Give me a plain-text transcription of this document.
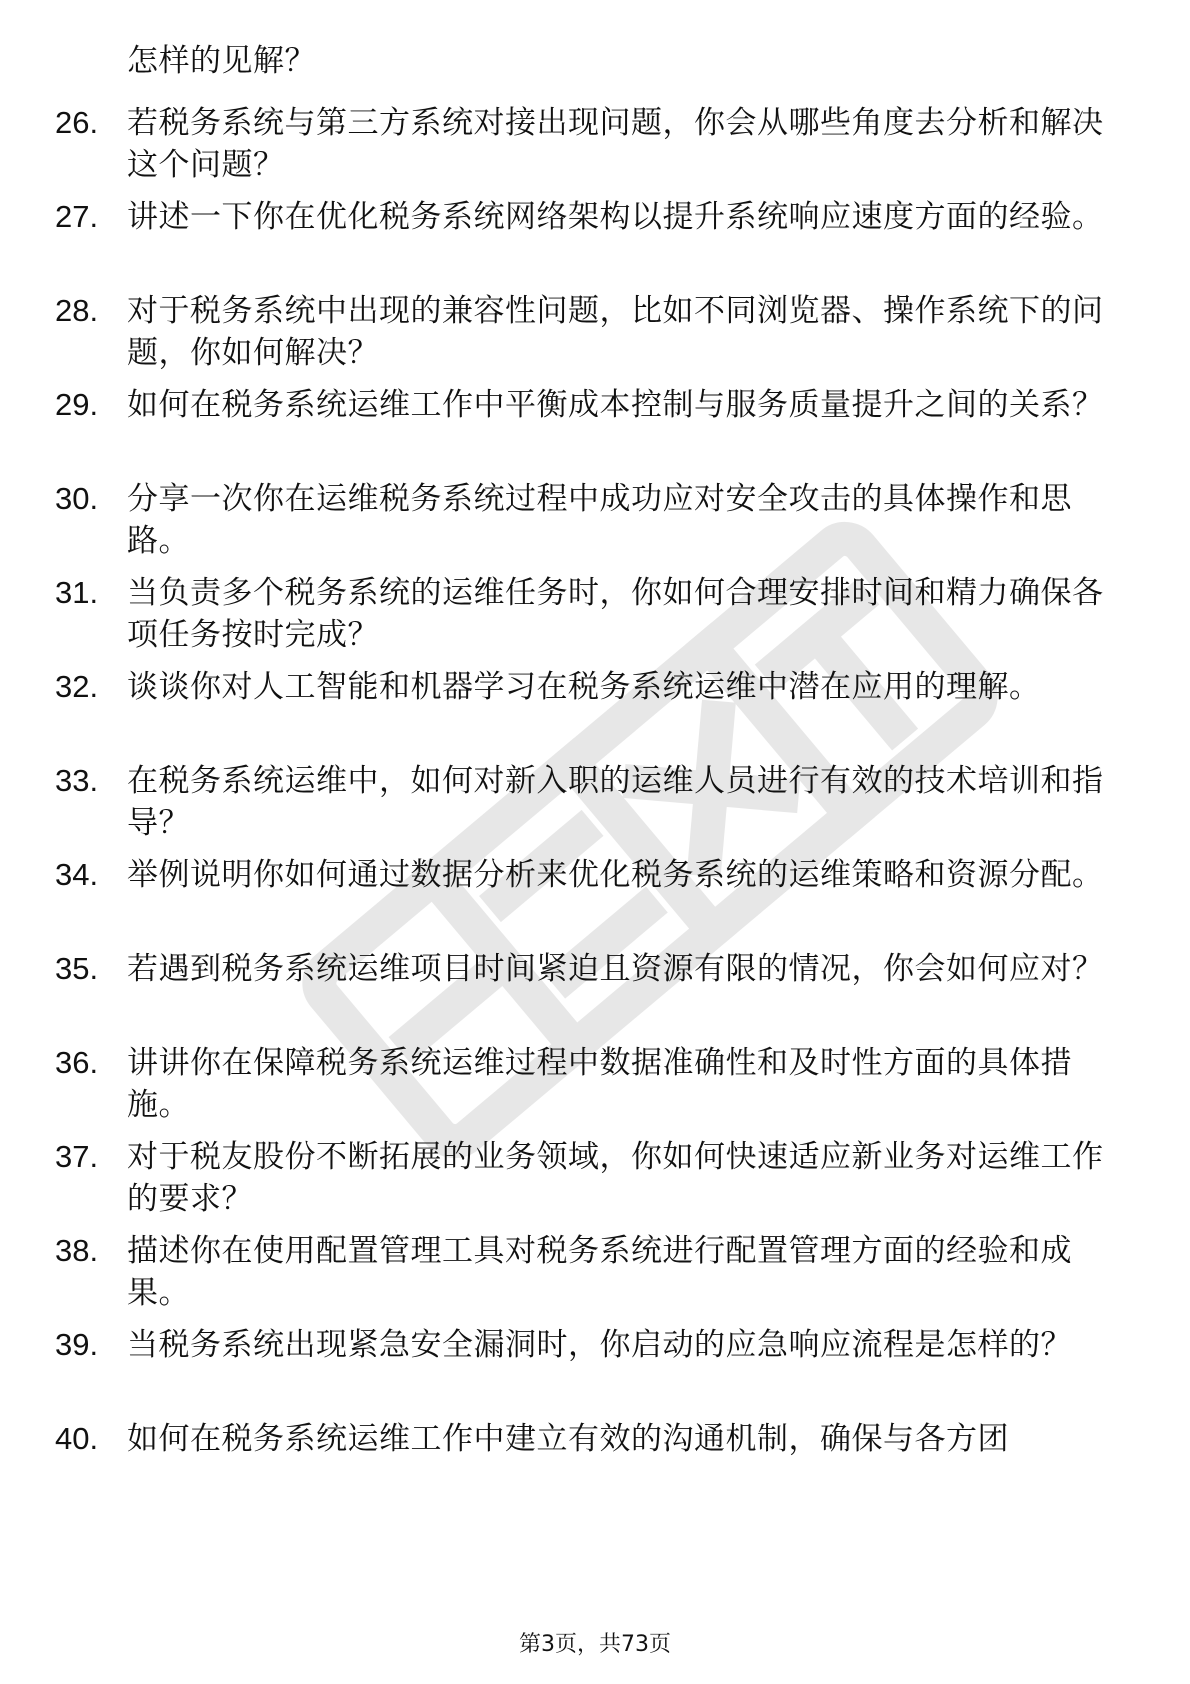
怎样的见解？
26. 若税务系统与第三方系统对接出现问题，你会从哪些角度去分析和解决这个问题？
27. 讲述一下你在优化税务系统网络架构以提升系统响应速度方面的经验。
28. 对于税务系统中出现的兼容性问题，比如不同浏览器、操作系统下的问题，你如何解决？
29. 如何在税务系统运维工作中平衡成本控制与服务质量提升之间的关系？
30. 分享一次你在运维税务系统过程中成功应对安全攻击的具体操作和思路。
31. 当负责多个税务系统的运维任务时，你如何合理安排时间和精力确保各项任务按时完成？
32. 谈谈你对人工智能和机器学习在税务系统运维中潜在应用的理解。
33. 在税务系统运维中，如何对新入职的运维人员进行有效的技术培训和指导？
34. 举例说明你如何通过数据分析来优化税务系统的运维策略和资源分配。
35. 若遇到税务系统运维项目时间紧迫且资源有限的情况，你会如何应对？
36. 讲讲你在保障税务系统运维过程中数据准确性和及时性方面的具体措施。
37. 对于税友股份不断拓展的业务领域，你如何快速适应新业务对运维工作的要求？
38. 描述你在使用配置管理工具对税务系统进行配置管理方面的经验和成果。
39. 当税务系统出现紧急安全漏洞时，你启动的应急响应流程是怎样的？
40. 如何在税务系统运维工作中建立有效的沟通机制，确保与各方团
第3页，共73页
